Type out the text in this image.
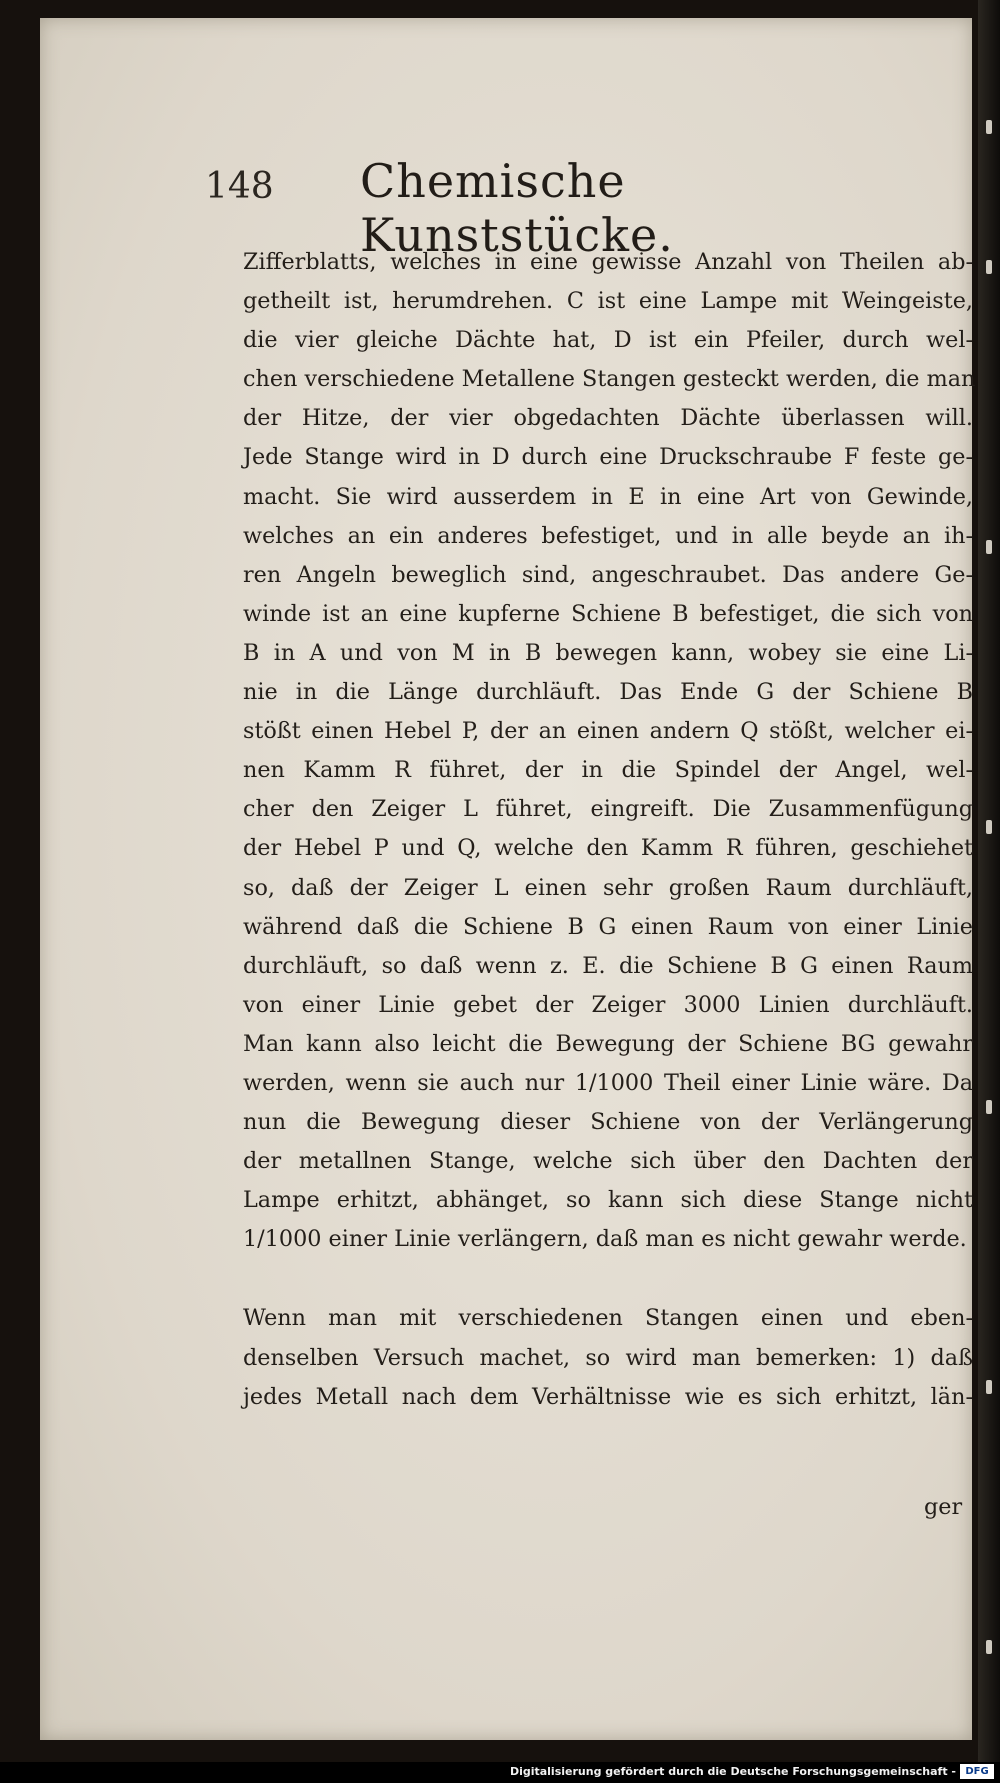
148 Chemische Kunststücke.
Zifferblatts, welches in eine gewisse Anzahl von Theilen ab-
getheilt ist, herumdrehen. C ist eine Lampe mit Weingeiste,
die vier gleiche Dächte hat, D ist ein Pfeiler, durch wel-
chen verschiedene Metallene Stangen gesteckt werden, die man
der Hitze, der vier obgedachten Dächte überlassen will.
Jede Stange wird in D durch eine Druckschraube F feste ge-
macht. Sie wird ausserdem in E in eine Art von Gewinde,
welches an ein anderes befestiget, und in alle beyde an ih-
ren Angeln beweglich sind, angeschraubet. Das andere Ge-
winde ist an eine kupferne Schiene B befestiget, die sich von
B in A und von M in B bewegen kann, wobey sie eine Li-
nie in die Länge durchläuft. Das Ende G der Schiene B
stößt einen Hebel P, der an einen andern Q stößt, welcher ei-
nen Kamm R führet, der in die Spindel der Angel, wel-
cher den Zeiger L führet, eingreift. Die Zusammenfügung
der Hebel P und Q, welche den Kamm R führen, geschiehet
so, daß der Zeiger L einen sehr großen Raum durchläuft,
während daß die Schiene B G einen Raum von einer Linie
durchläuft, so daß wenn z. E. die Schiene B G einen Raum
von einer Linie gebet der Zeiger 3000 Linien durchläuft.
Man kann also leicht die Bewegung der Schiene BG gewahr
werden, wenn sie auch nur 1/1000 Theil einer Linie wäre. Da
nun die Bewegung dieser Schiene von der Verlängerung
der metallnen Stange, welche sich über den Dachten der
Lampe erhitzt, abhänget, so kann sich diese Stange nicht
1/1000 einer Linie verlängern, daß man es nicht gewahr werde.
Wenn man mit verschiedenen Stangen einen und eben-
denselben Versuch machet, so wird man bemerken: 1) daß
jedes Metall nach dem Verhältnisse wie es sich erhitzt, län-
ger
Digitalisierung gefördert durch die Deutsche Forschungsgemeinschaft - DFG
